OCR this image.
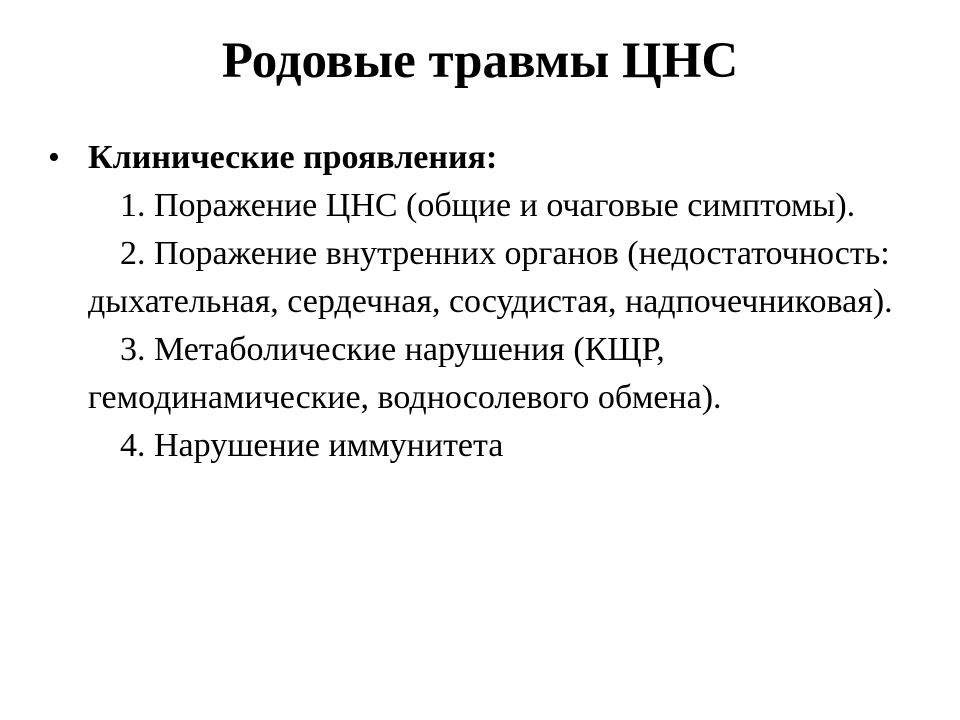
Родовые травмы ЦНС
• Клинические проявления:
1. Поражение ЦНС (общие и очаговые симптомы).
2. Поражение внутренних органов (недостаточность: дыхательная, сердечная, сосудистая, надпочечниковая).
3. Метаболические нарушения (КЩР, гемодинамические, водносолевого обмена).
4. Нарушение иммунитета
